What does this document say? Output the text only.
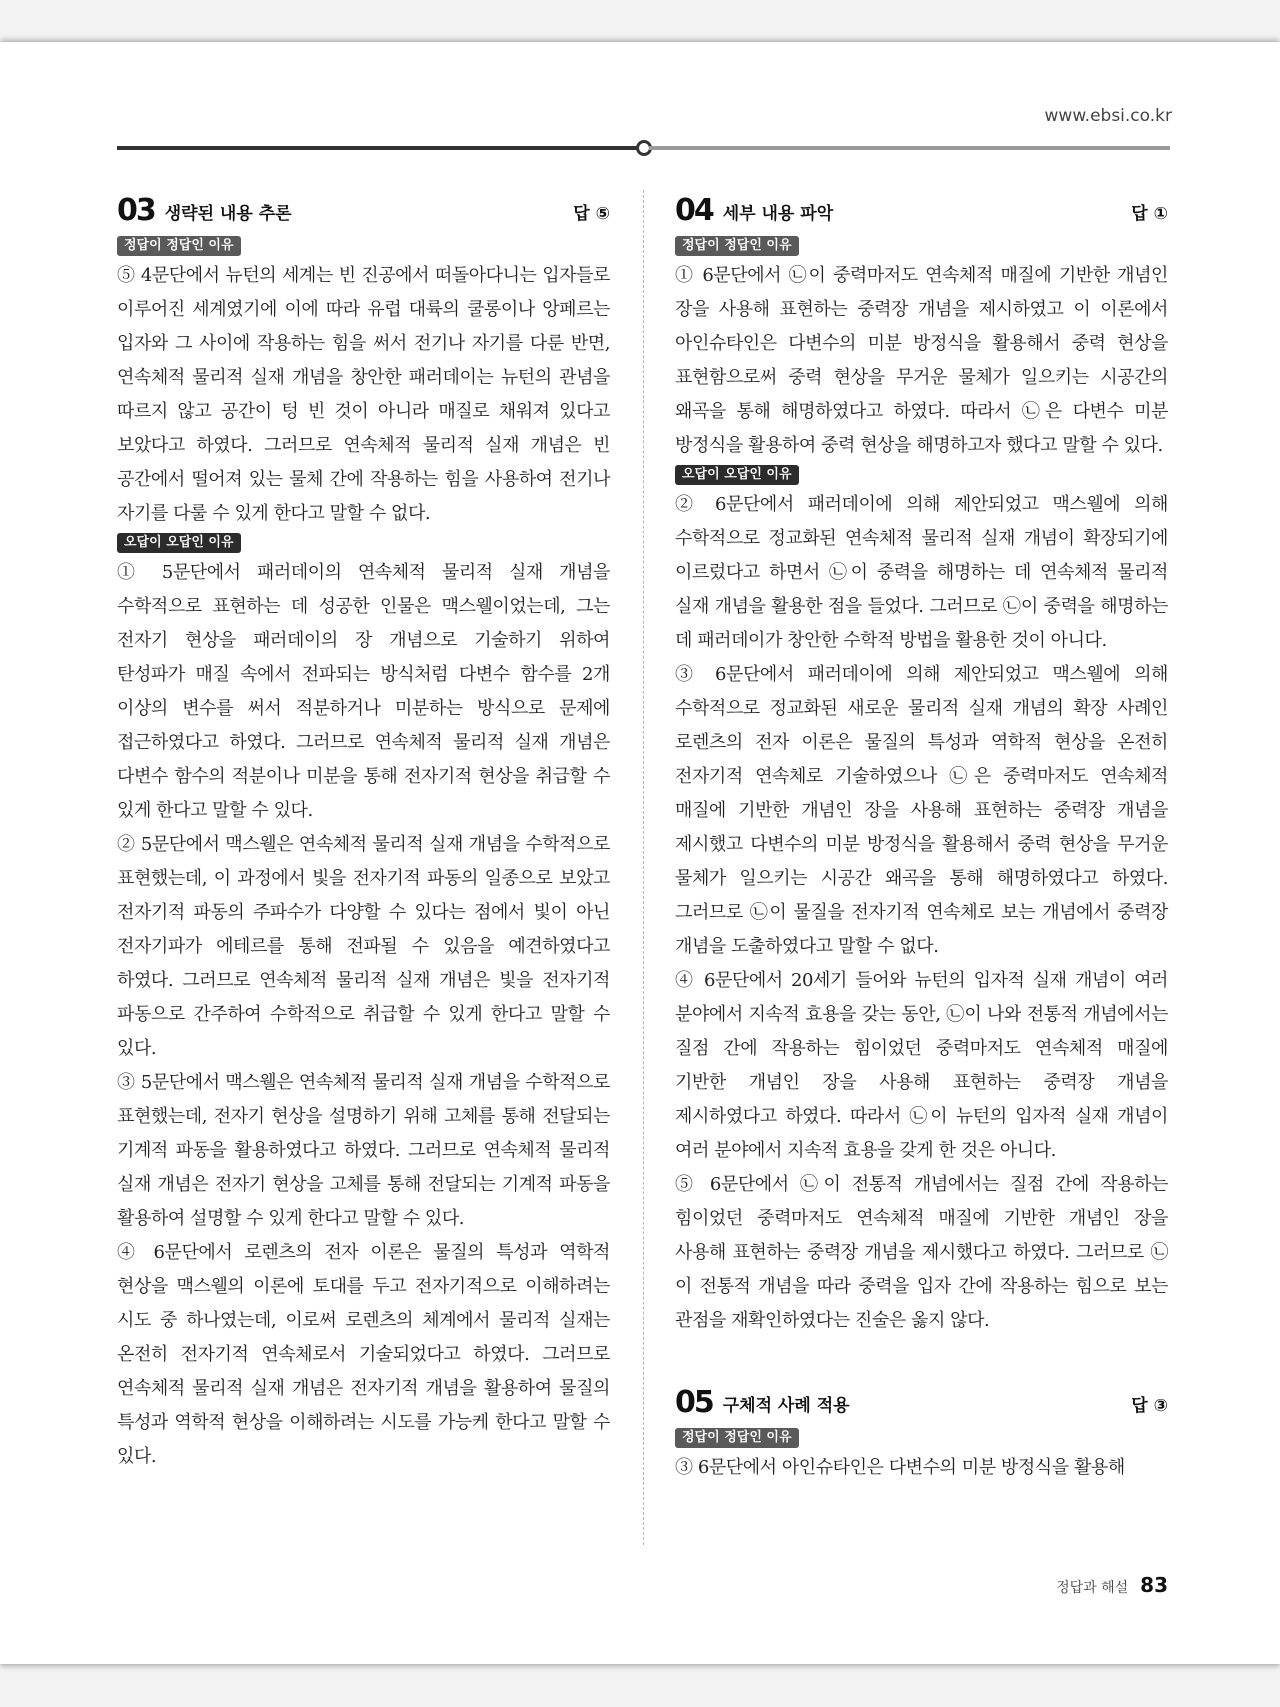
www.ebsі.co.kr
03 생략된 내용 추론	답 ⑤
정답이 정답인 이유

⑤ 4문단에서 뉴턴의 세계는 빈 진공에서 떠돌아다니는 입자들로 이루어진 세계였기에 이에 따라 유럽 대륙의 쿨롱이나 앙페르는 입자와 그 사이에 작용하는 힘을 써서 전기나 자기를 다룬 반면, 연속체적 물리적 실재 개념을 창안한 패러데이는 뉴턴의 관념을 따르지 않고 공간이 텅 빈 것이 아니라 매질로 채워져 있다고 보았다고 하였다. 그러므로 연속체적 물리적 실재 개념은 빈 공간에서 떨어져 있는 물체 간에 작용하는 힘을 사용하여 전기나 자기를 다룰 수 있게 한다고 말할 수 없다.

오답이 오답인 이유

① 5문단에서 패러데이의 연속체적 물리적 실재 개념을 수학적으로 표현하는 데 성공한 인물은 맥스웰이었는데, 그는 전자기 현상을 패러데이의 장 개념으로 기술하기 위하여 탄성파가 매질 속에서 전파되는 방식처럼 다변수 함수를 2개 이상의 변수를 써서 적분하거나 미분하는 방식으로 문제에 접근하였다고 하였다. 그러므로 연속체적 물리적 실재 개념은 다변수 함수의 적분이나 미분을 통해 전자기적 현상을 취급할 수 있게 한다고 말할 수 있다.

② 5문단에서 맥스웰은 연속체적 물리적 실재 개념을 수학적으로 표현했는데, 이 과정에서 빛을 전자기적 파동의 일종으로 보았고 전자기적 파동의 주파수가 다양할 수 있다는 점에서 빛이 아닌 전자기파가 에테르를 통해 전파될 수 있음을 예견하였다고 하였다. 그러므로 연속체적 물리적 실재 개념은 빛을 전자기적 파동으로 간주하여 수학적으로 취급할 수 있게 한다고 말할 수 있다.

③ 5문단에서 맥스웰은 연속체적 물리적 실재 개념을 수학적으로 표현했는데, 전자기 현상을 설명하기 위해 고체를 통해 전달되는 기계적 파동을 활용하였다고 하였다. 그러므로 연속체적 물리적 실재 개념은 전자기 현상을 고체를 통해 전달되는 기계적 파동을 활용하여 설명할 수 있게 한다고 말할 수 있다.

④ 6문단에서 로렌츠의 전자 이론은 물질의 특성과 역학적 현상을 맥스웰의 이론에 토대를 두고 전자기적으로 이해하려는 시도 중 하나였는데, 이로써 로렌츠의 체계에서 물리적 실재는 온전히 전자기적 연속체로서 기술되었다고 하였다. 그러므로 연속체적 물리적 실재 개념은 전자기적 개념을 활용하여 물질의 특성과 역학적 현상을 이해하려는 시도를 가능케 한다고 말할 수 있다.

04 세부 내용 파악	답 ①
정답이 정답인 이유

① 6문단에서 ㉡이 중력마저도 연속체적 매질에 기반한 개념인 장을 사용해 표현하는 중력장 개념을 제시하였고 이 이론에서 아인슈타인은 다변수의 미분 방정식을 활용해서 중력 현상을 표현함으로써 중력 현상을 무거운 물체가 일으키는 시공간의 왜곡을 통해 해명하였다고 하였다. 따라서 ㉡은 다변수 미분 방정식을 활용하여 중력 현상을 해명하고자 했다고 말할 수 있다.

오답이 오답인 이유

② 6문단에서 패러데이에 의해 제안되었고 맥스웰에 의해 수학적으로 정교화된 연속체적 물리적 실재 개념이 확장되기에 이르렀다고 하면서 ㉡이 중력을 해명하는 데 연속체적 물리적 실재 개념을 활용한 점을 들었다. 그러므로 ㉡이 중력을 해명하는 데 패러데이가 창안한 수학적 방법을 활용한 것이 아니다.

③ 6문단에서 패러데이에 의해 제안되었고 맥스웰에 의해 수학적으로 정교화된 새로운 물리적 실재 개념의 확장 사례인 로렌츠의 전자 이론은 물질의 특성과 역학적 현상을 온전히 전자기적 연속체로 기술하였으나 ㉡은 중력마저도 연속체적 매질에 기반한 개념인 장을 사용해 표현하는 중력장 개념을 제시했고 다변수의 미분 방정식을 활용해서 중력 현상을 무거운 물체가 일으키는 시공간 왜곡을 통해 해명하였다고 하였다. 그러므로 ㉡이 물질을 전자기적 연속체로 보는 개념에서 중력장 개념을 도출하였다고 말할 수 없다.

④ 6문단에서 20세기 들어와 뉴턴의 입자적 실재 개념이 여러 분야에서 지속적 효용을 갖는 동안, ㉡이 나와 전통적 개념에서는 질점 간에 작용하는 힘이었던 중력마저도 연속체적 매질에 기반한 개념인 장을 사용해 표현하는 중력장 개념을 제시하였다고 하였다. 따라서 ㉡이 뉴턴의 입자적 실재 개념이 여러 분야에서 지속적 효용을 갖게 한 것은 아니다.

⑤ 6문단에서 ㉡이 전통적 개념에서는 질점 간에 작용하는 힘이었던 중력마저도 연속체적 매질에 기반한 개념인 장을 사용해 표현하는 중력장 개념을 제시했다고 하였다. 그러므로 ㉡이 전통적 개념을 따라 중력을 입자 간에 작용하는 힘으로 보는 관점을 재확인하였다는 진술은 옳지 않다.

05 구체적 사례 적용	답 ③
정답이 정답인 이유

③ 6문단에서 아인슈타인은 다변수의 미분 방정식을 활용해

정답과 해설 83
